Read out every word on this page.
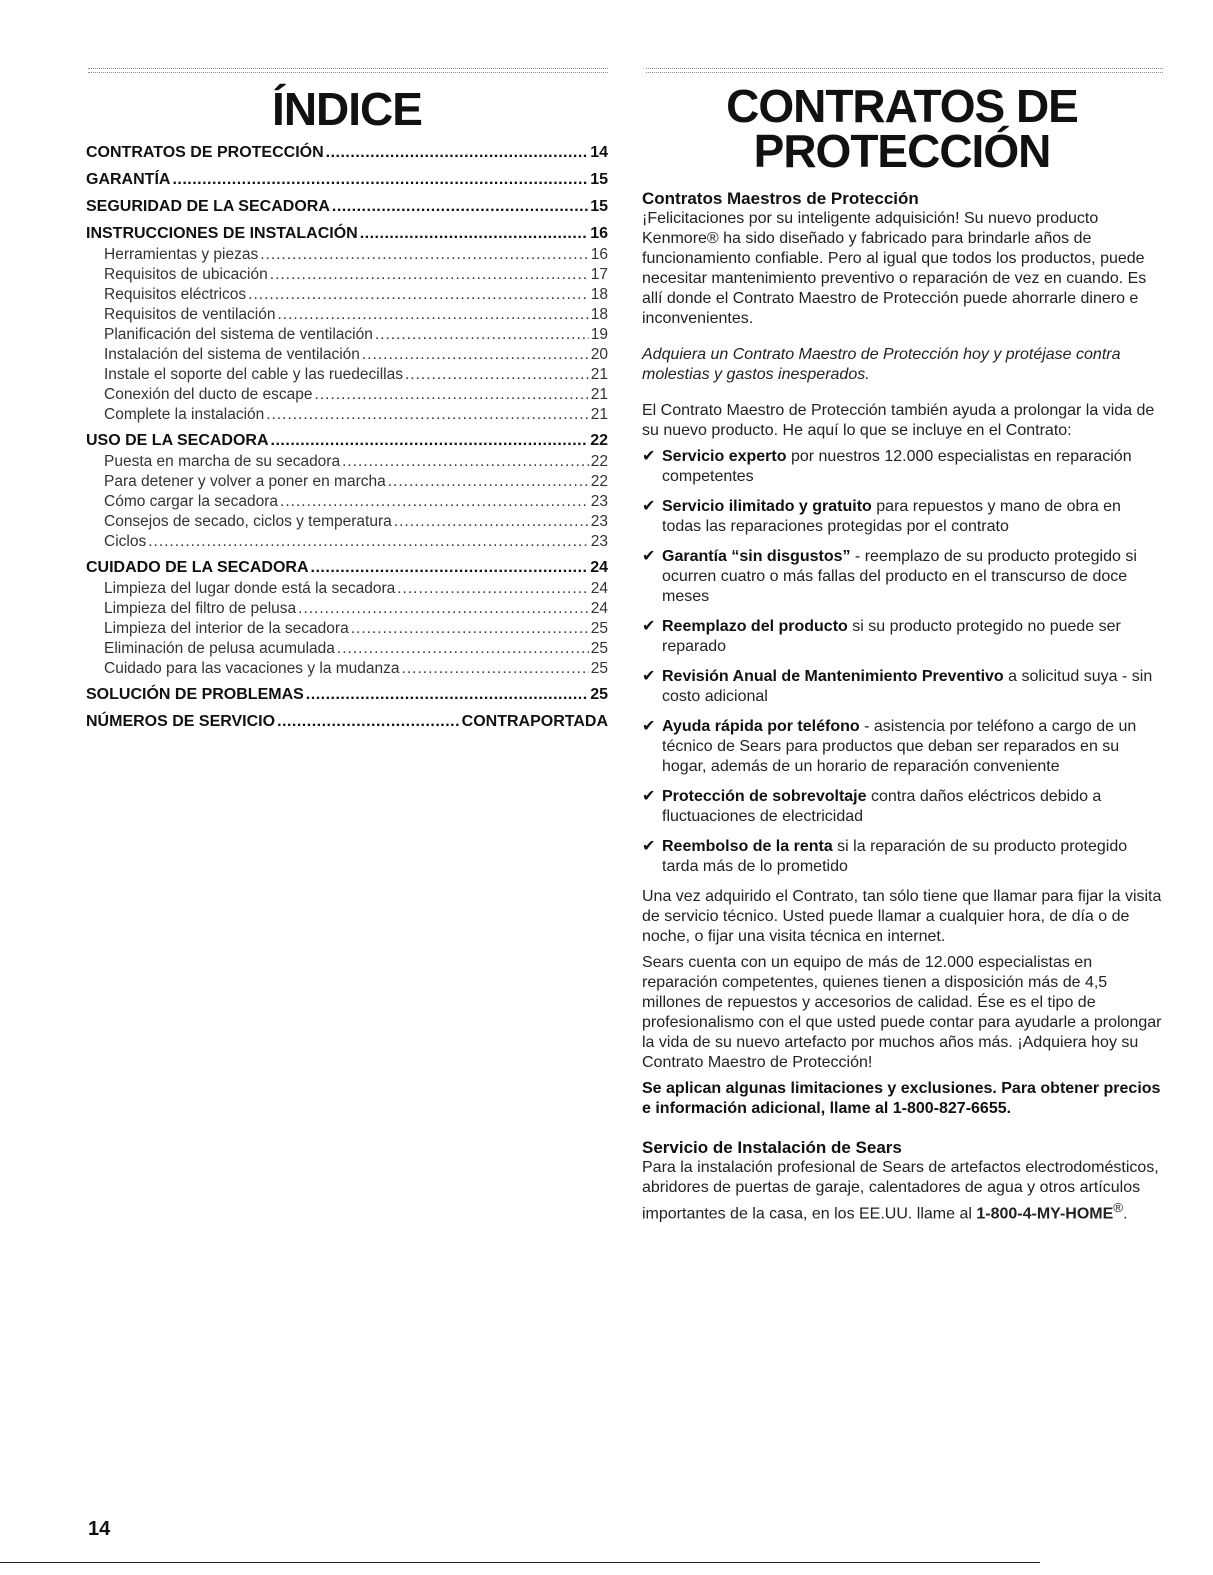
ÍNDICE
CONTRATOS DE PROTECCIÓN .....	14
GARANTÍA .....	15
SEGURIDAD DE LA SECADORA .....	15
INSTRUCCIONES DE INSTALACIÓN .....	16
Herramientas y piezas .....	16
Requisitos de ubicación .....	17
Requisitos eléctricos .....	18
Requisitos de ventilación .....	18
Planificación del sistema de ventilación .....	19
Instalación del sistema de ventilación .....	20
Instale el soporte del cable y las ruedecillas .....	21
Conexión del ducto de escape .....	21
Complete la instalación .....	21
USO DE LA SECADORA .....	22
Puesta en marcha de su secadora .....	22
Para detener y volver a poner en marcha .....	22
Cómo cargar la secadora .....	23
Consejos de secado, ciclos y temperatura .....	23
Ciclos .....	23
CUIDADO DE LA SECADORA .....	24
Limpieza del lugar donde está la secadora .....	24
Limpieza del filtro de pelusa .....	24
Limpieza del interior de la secadora .....	25
Eliminación de pelusa acumulada .....	25
Cuidado para las vacaciones y la mudanza .....	25
SOLUCIÓN DE PROBLEMAS .....	25
NÚMEROS DE SERVICIO .....	CONTRAPORTADA
CONTRATOS DE
PROTECCIÓN
Contratos Maestros de Protección

¡Felicitaciones por su inteligente adquisición! Su nuevo producto Kenmore® ha sido diseñado y fabricado para brindarle años de funcionamiento confiable. Pero al igual que todos los productos, puede necesitar mantenimiento preventivo o reparación de vez en cuando. Es allí donde el Contrato Maestro de Protección puede ahorrarle dinero e inconvenientes.

Adquiera un Contrato Maestro de Protección hoy y protéjase contra molestias y gastos inesperados.

El Contrato Maestro de Protección también ayuda a prolongar la vida de su nuevo producto. He aquí lo que se incluye en el Contrato:

✔ Servicio experto por nuestros 12.000 especialistas en reparación competentes
✔ Servicio ilimitado y gratuito para repuestos y mano de obra en todas las reparaciones protegidas por el contrato
✔ Garantía “sin disgustos” - reemplazo de su producto protegido si ocurren cuatro o más fallas del producto en el transcurso de doce meses
✔ Reemplazo del producto si su producto protegido no puede ser reparado
✔ Revisión Anual de Mantenimiento Preventivo a solicitud suya - sin costo adicional
✔ Ayuda rápida por teléfono - asistencia por teléfono a cargo de un técnico de Sears para productos que deban ser reparados en su hogar, además de un horario de reparación conveniente
✔ Protección de sobrevoltaje contra daños eléctricos debido a fluctuaciones de electricidad
✔ Reembolso de la renta si la reparación de su producto protegido tarda más de lo prometido

Una vez adquirido el Contrato, tan sólo tiene que llamar para fijar la visita de servicio técnico. Usted puede llamar a cualquier hora, de día o de noche, o fijar una visita técnica en internet.

Sears cuenta con un equipo de más de 12.000 especialistas en reparación competentes, quienes tienen a disposición más de 4,5 millones de repuestos y accesorios de calidad. Ése es el tipo de profesionalismo con el que usted puede contar para ayudarle a prolongar la vida de su nuevo artefacto por muchos años más. ¡Adquiera hoy su Contrato Maestro de Protección!

Se aplican algunas limitaciones y exclusiones. Para obtener precios e información adicional, llame al 1-800-827-6655.

Servicio de Instalación de Sears

Para la instalación profesional de Sears de artefactos electrodomésticos, abridores de puertas de garaje, calentadores de agua y otros artículos importantes de la casa, en los EE.UU. llame al 1-800-4-MY-HOME®.

14
